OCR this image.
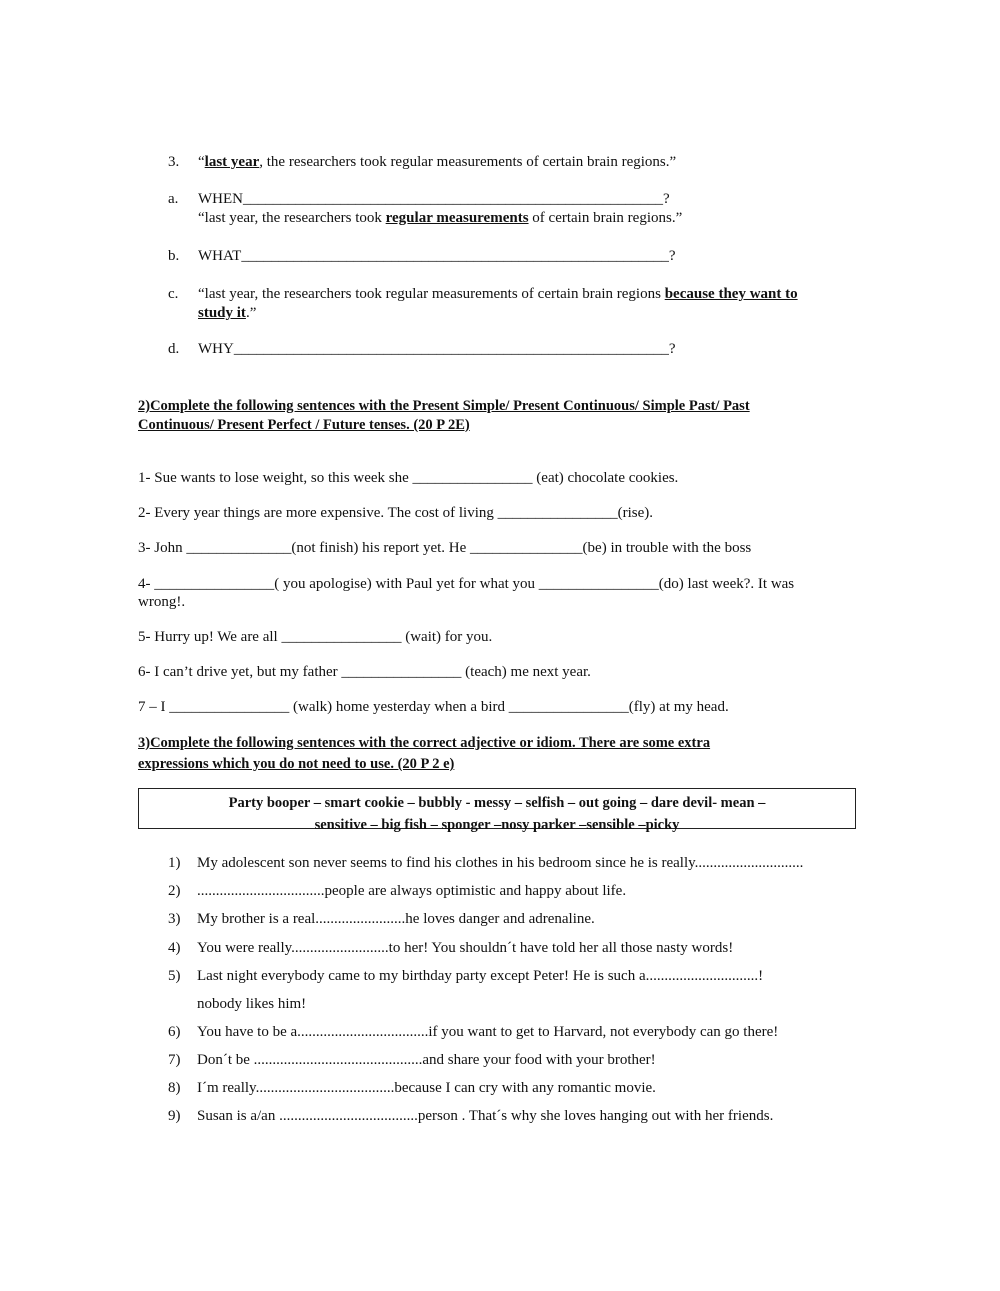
3. “last year, the researchers took regular measurements of certain brain regions.”
a. WHEN________________________________________________________?
“last year, the researchers took regular measurements of certain brain regions.”
b. WHAT_________________________________________________________?
c. “last year, the researchers took regular measurements of certain brain regions because they want to
study it.”
d. WHY__________________________________________________________?
2)Complete the following sentences with the Present Simple/ Present Continuous/ Simple Past/ Past
Continuous/ Present Perfect / Future tenses. (20 P 2E)
1- Sue wants to lose weight, so this week she ________________ (eat) chocolate cookies.
2- Every year things are more expensive. The cost of living ________________(rise).
3- John ______________(not finish) his report yet. He _______________(be) in trouble with the boss
4- ________________( you apologise) with Paul yet for what you ________________(do) last week?. It was
wrong!.
5- Hurry up! We are all ________________ (wait) for you.
6- I can’t drive yet, but my father ________________ (teach) me next year.
7 – I ________________ (walk) home yesterday when a bird ________________(fly) at my head.
3)Complete the following sentences with the correct adjective or idiom. There are some extra
expressions which you do not need to use. (20 P 2 e)
Party booper – smart cookie – bubbly - messy – selfish – out going – dare devil- mean –
sensitive – big fish – sponger –nosy parker –sensible –picky
1) My adolescent son never seems to find his clothes in his bedroom since he is really.............................
2) ..................................people are always optimistic and happy about life.
3) My brother is a real........................he loves danger and adrenaline.
4) You were really..........................to her! You shouldn´t have told her all those nasty words!
5) Last night everybody came to my birthday party except Peter! He is such a..............................!
nobody likes him!
6) You have to be a...................................if you want to get to Harvard, not everybody can go there!
7) Don´t be .............................................and share your food with your brother!
8) I´m really.....................................because I can cry with any romantic movie.
9) Susan is a/an .....................................person . That´s why she loves hanging out with her friends.
